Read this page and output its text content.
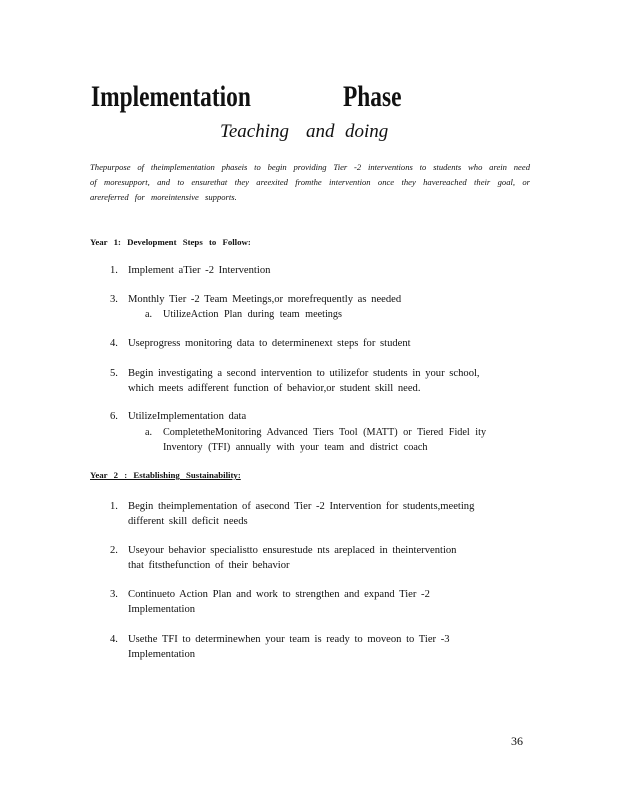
Implementation	Phase
Teaching and doing
Thepurpose of theimplementation phaseis to begin providing Tier -2 interventions to students who arein need of moresupport, and to ensurethat they areexited fromthe intervention once they havereached their goal, or arereferred for moreintensive supports.
Year 1: Development Steps to Follow:
1. Implement aTier -2 Intervention
3. Monthly Tier -2 Team Meetings,or morefrequently as needed
a. UtilizeAction Plan during team meetings
4. Useprogress monitoring data to determinenext steps for student
5. Begin investigating a second intervention to utilizefor students in your school,
which meets adifferent function of behavior,or student skill need.
6. UtilizeImplementation data
a. CompletetheMonitoring Advanced Tiers Tool (MATT) or Tiered Fidel ity
Inventory (TFI) annually with your team and district coach
Year 2 : Establishing Sustainability:
1. Begin theimplementation of asecond Tier -2 Intervention for students,meeting
different skill deficit needs
2. Useyour behavior specialistto ensurestude nts areplaced in theintervention
that fitsthefunction of their behavior
3. Continueto Action Plan and work to strengthen and expand Tier -2
Implementation
4. Usethe TFI to determinewhen your team is ready to moveon to Tier -3
Implementation
36
